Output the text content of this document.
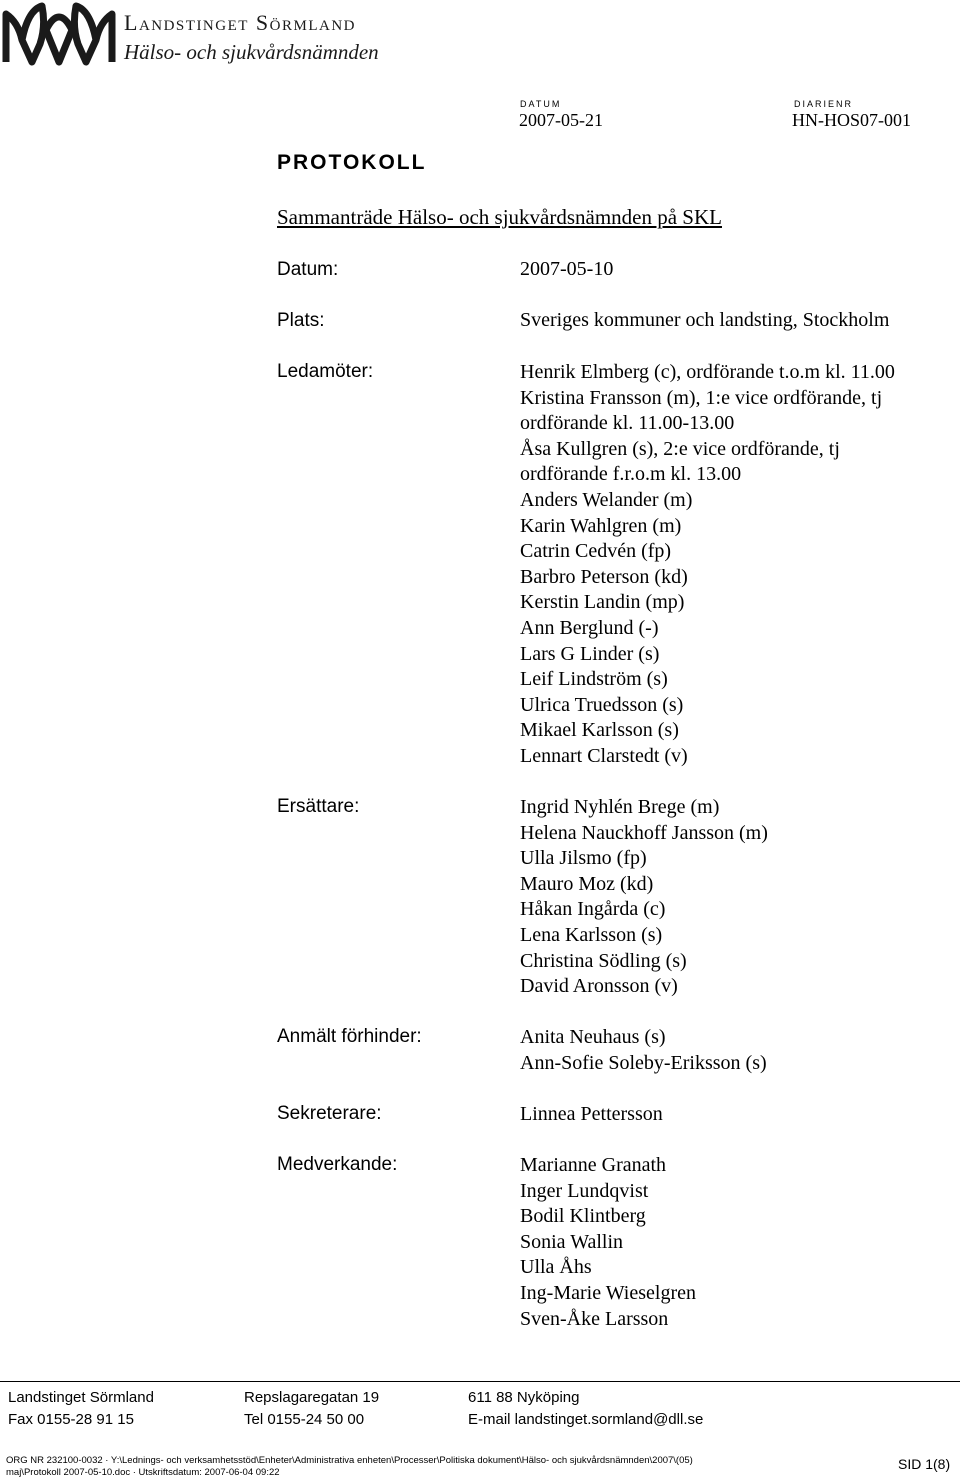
Landstinget Sörmland
Hälso- och sjukvårdsnämnden
DATUM
2007-05-21
DIARIENR
HN-HOS07-001
PROTOKOLL
Sammanträde Hälso- och sjukvårdsnämnden på SKL
Datum:	2007-05-10
Plats:	Sveriges kommuner och landsting, Stockholm
Ledamöter:	Henrik Elmberg (c), ordförande t.o.m kl. 11.00
Kristina Fransson (m), 1:e vice ordförande, tj
ordförande kl. 11.00-13.00
Åsa Kullgren (s), 2:e vice ordförande, tj
ordförande f.r.o.m kl. 13.00
Anders Welander (m)
Karin Wahlgren (m)
Catrin Cedvén (fp)
Barbro Peterson (kd)
Kerstin Landin (mp)
Ann Berglund (-)
Lars G Linder (s)
Leif Lindström (s)
Ulrica Truedsson (s)
Mikael Karlsson (s)
Lennart Clarstedt (v)
Ersättare:	Ingrid Nyhlén Brege (m)
Helena Nauckhoff Jansson (m)
Ulla Jilsmo (fp)
Mauro Moz (kd)
Håkan Ingårda (c)
Lena Karlsson (s)
Christina Södling (s)
David Aronsson (v)
Anmält förhinder:	Anita Neuhaus (s)
Ann-Sofie Soleby-Eriksson (s)
Sekreterare:	Linnea Pettersson
Medverkande:	Marianne Granath
Inger Lundqvist
Bodil Klintberg
Sonia Wallin
Ulla Åhs
Ing-Marie Wieselgren
Sven-Åke Larsson
Landstinget Sörmland	Repslagaregatan 19	611 88 Nyköping
Fax 0155-28 91 15	Tel 0155-24 50 00	E-mail landstinget.sormland@dll.se
ORG NR 232100-0032 · Y:\Lednings- och verksamhetsstöd\Enheter\Administrativa enheten\Processer\Politiska dokument\Hälso- och sjukvårdsnämnden\2007\(05)
maj\Protokoll 2007-05-10.doc · Utskriftsdatum: 2007-06-04 09:22
SID 1(8)
